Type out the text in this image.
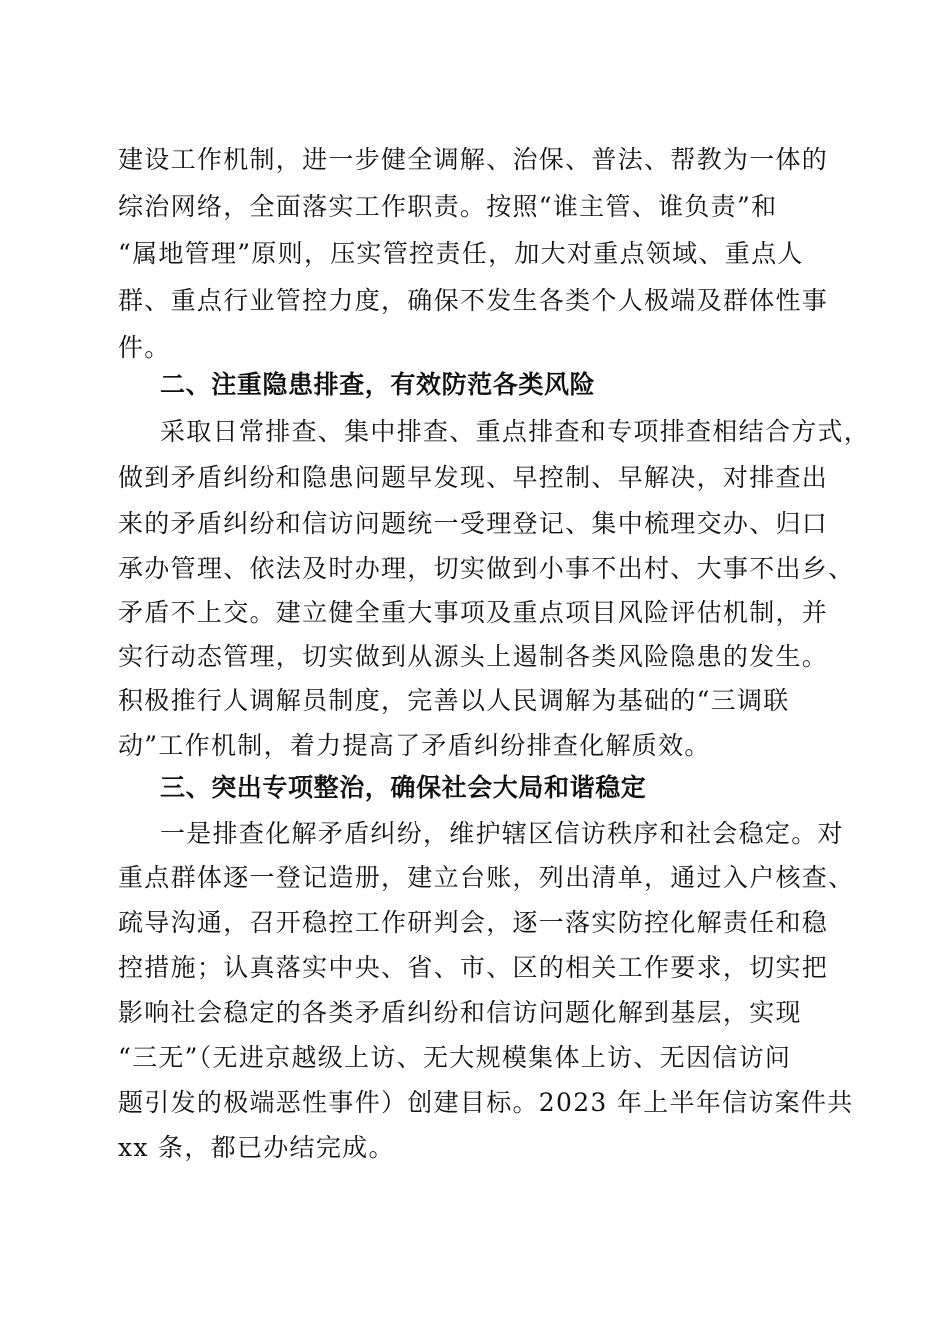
建设工作机制，进一步健全调解、治保、普法、帮教为一体的
综治网络，全面落实工作职责。按照“谁主管、谁负责”和
“属地管理”原则，压实管控责任，加大对重点领域、重点人
群、重点行业管控力度，确保不发生各类个人极端及群体性事
件。
二、注重隐患排查，有效防范各类风险
采取日常排查、集中排查、重点排查和专项排查相结合方式，
做到矛盾纠纷和隐患问题早发现、早控制、早解决，对排查出
来的矛盾纠纷和信访问题统一受理登记、集中梳理交办、归口
承办管理、依法及时办理，切实做到小事不出村、大事不出乡、
矛盾不上交。建立健全重大事项及重点项目风险评估机制，并
实行动态管理，切实做到从源头上遏制各类风险隐患的发生。
积极推行人调解员制度，完善以人民调解为基础的“三调联
动”工作机制，着力提高了矛盾纠纷排查化解质效。
三、突出专项整治，确保社会大局和谐稳定
一是排查化解矛盾纠纷，维护辖区信访秩序和社会稳定。对
重点群体逐一登记造册，建立台账，列出清单，通过入户核查、
疏导沟通，召开稳控工作研判会，逐一落实防控化解责任和稳
控措施；认真落实中央、省、市、区的相关工作要求，切实把
影响社会稳定的各类矛盾纠纷和信访问题化解到基层，实现
“三无”（无进京越级上访、无大规模集体上访、无因信访问
题引发的极端恶性事件）创建目标。2023 年上半年信访案件共
xx 条，都已办结完成。
